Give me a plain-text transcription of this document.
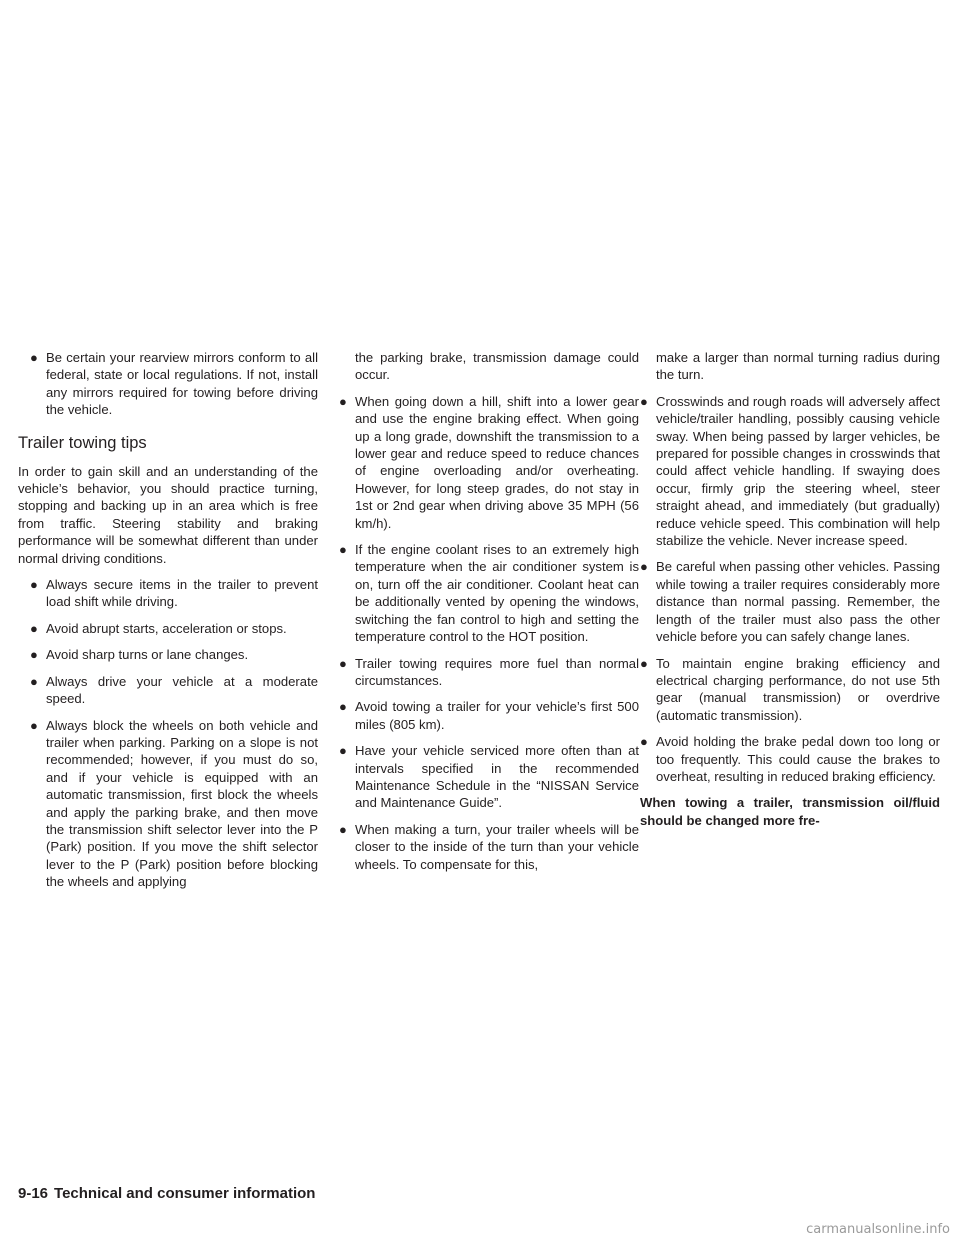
● Be certain your rearview mirrors conform to all federal, state or local regulations. If not, install any mirrors required for towing before driving the vehicle.
Trailer towing tips

In order to gain skill and an understanding of the vehicle’s behavior, you should practice turning, stopping and backing up in an area which is free from traffic. Steering stability and braking performance will be somewhat different than under normal driving conditions.

● Always secure items in the trailer to prevent load shift while driving.
● Avoid abrupt starts, acceleration or stops.
● Avoid sharp turns or lane changes.
● Always drive your vehicle at a moderate speed.
● Always block the wheels on both vehicle and trailer when parking. Parking on a slope is not recommended; however, if you must do so, and if your vehicle is equipped with an automatic transmission, first block the wheels and apply the parking brake, and then move the transmission shift selector lever into the P (Park) position. If you move the shift selector lever to the P (Park) position before blocking the wheels and applying
the parking brake, transmission damage could occur.
● When going down a hill, shift into a lower gear and use the engine braking effect. When going up a long grade, downshift the transmission to a lower gear and reduce speed to reduce chances of engine overloading and/or overheating. However, for long steep grades, do not stay in 1st or 2nd gear when driving above 35 MPH (56 km/h).
● If the engine coolant rises to an extremely high temperature when the air conditioner system is on, turn off the air conditioner. Coolant heat can be additionally vented by opening the windows, switching the fan control to high and setting the temperature control to the HOT position.
● Trailer towing requires more fuel than normal circumstances.
● Avoid towing a trailer for your vehicle’s first 500 miles (805 km).
● Have your vehicle serviced more often than at intervals specified in the recommended Maintenance Schedule in the “NISSAN Service and Maintenance Guide”.
● When making a turn, your trailer wheels will be closer to the inside of the turn than your vehicle wheels. To compensate for this,
make a larger than normal turning radius during the turn.
● Crosswinds and rough roads will adversely affect vehicle/trailer handling, possibly causing vehicle sway. When being passed by larger vehicles, be prepared for possible changes in crosswinds that could affect vehicle handling. If swaying does occur, firmly grip the steering wheel, steer straight ahead, and immediately (but gradually) reduce vehicle speed. This combination will help stabilize the vehicle. Never increase speed.
● Be careful when passing other vehicles. Passing while towing a trailer requires considerably more distance than normal passing. Remember, the length of the trailer must also pass the other vehicle before you can safely change lanes.
● To maintain engine braking efficiency and electrical charging performance, do not use 5th gear (manual transmission) or overdrive (automatic transmission).
● Avoid holding the brake pedal down too long or too frequently. This could cause the brakes to overheat, resulting in reduced braking efficiency.

When towing a trailer, transmission oil/fluid should be changed more fre-

9-16 Technical and consumer information
carmanualsonline.info
